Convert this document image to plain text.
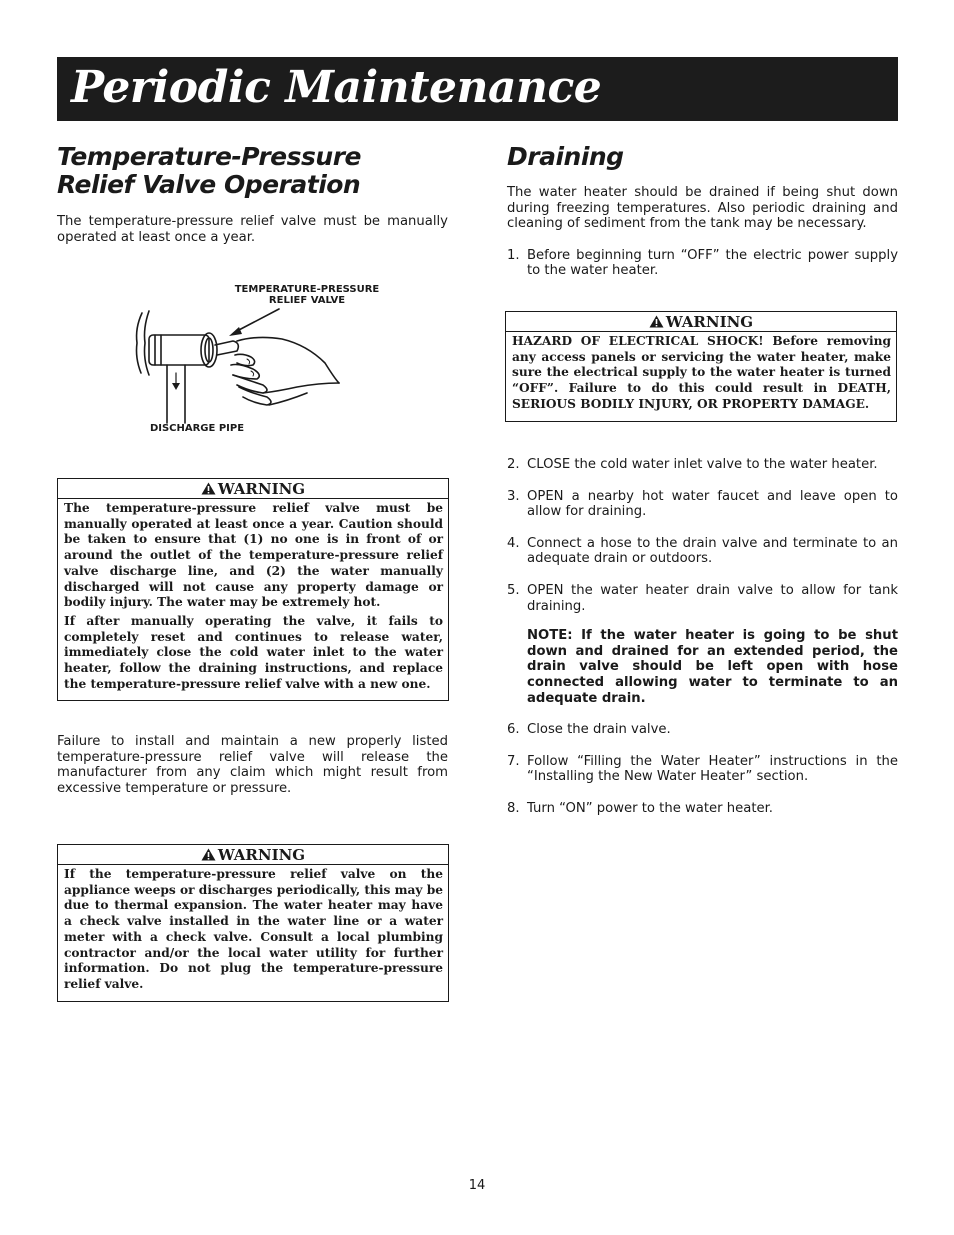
Periodic Maintenance
Temperature-Pressure Relief Valve Operation

The temperature-pressure relief valve must be manually operated at least once a year.

TEMPERATURE-PRESSURE
RELIEF VALVE
DISCHARGE PIPE
WARNING

The temperature-pressure relief valve must be manually operated at least once a year. Caution should be taken to ensure that (1) no one is in front of or around the outlet of the temperature-pressure relief valve discharge line, and (2) the water manually discharged will not cause any property damage or bodily injury. The water may be extremely hot.

If after manually operating the valve, it fails to completely reset and continues to release water, immediately close the cold water inlet to the water heater, follow the draining instructions, and replace the temperature-pressure relief valve with a new one.

Failure to install and maintain a new properly listed temperature-pressure relief valve will release the manufacturer from any claim which might result from excessive temperature or pressure.

WARNING

If the temperature-pressure relief valve on the appliance weeps or discharges periodically, this may be due to thermal expansion. The water heater may have a check valve installed in the water line or a water meter with a check valve. Consult a local plumbing contractor and/or the local water utility for further information. Do not plug the temperature-pressure relief valve.

Draining

The water heater should be drained if being shut down during freezing temperatures. Also periodic draining and cleaning of sediment from the tank may be necessary.

1. Before beginning turn “OFF” the electric power supply to the water heater.
WARNING

HAZARD OF ELECTRICAL SHOCK! Before removing any access panels or servicing the water heater, make sure the electrical supply to the water heater is turned “OFF”. Failure to do this could result in DEATH, SERIOUS BODILY INJURY, OR PROPERTY DAMAGE.

2. CLOSE the cold water inlet valve to the water heater.
3. OPEN a nearby hot water faucet and leave open to allow for draining.
4. Connect a hose to the drain valve and terminate to an adequate drain or outdoors.
5. OPEN the water heater drain valve to allow for tank draining.
NOTE: If the water heater is going to be shut down and drained for an extended period, the drain valve should be left open with hose connected allowing water to terminate to an adequate drain.
6. Close the drain valve.
7. Follow “Filling the Water Heater” instructions in the “Installing the New Water Heater” section.
8. Turn “ON” power to the water heater.
14
